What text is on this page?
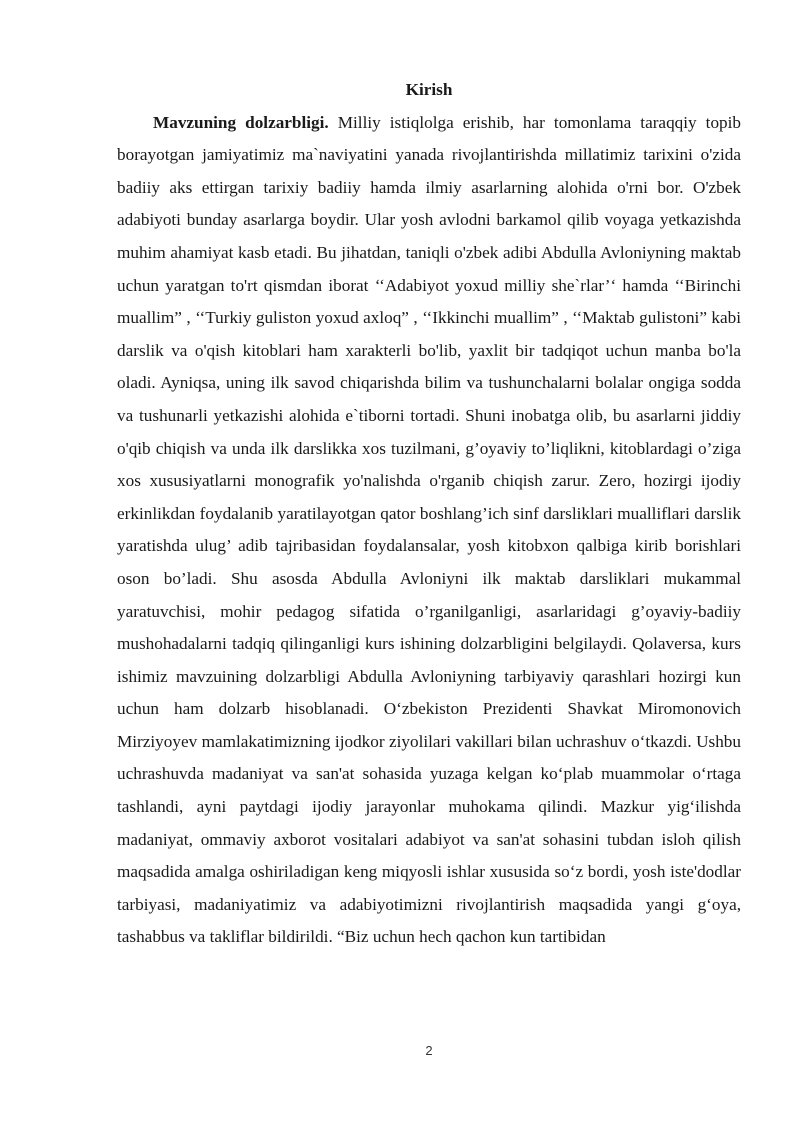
Kirish

Mavzuning dolzarbligi. Milliy istiqlolga erishib, har tomonlama taraqqiy topib borayotgan jamiyatimiz ma`naviyatini yanada rivojlantirishda millatimiz tarixini o'zida badiiy aks ettirgan tarixiy badiiy hamda ilmiy asarlarning alohida o'rni bor. O'zbek adabiyoti bunday asarlarga boydir. Ular yosh avlodni barkamol qilib voyaga yetkazishda muhim ahamiyat kasb etadi. Bu jihatdan, taniqli o'zbek adibi Abdulla Avloniyning maktab uchun yaratgan to'rt qismdan iborat ‘‘Adabiyot yoxud milliy she`rlar’‘ hamda ‘‘Birinchi muallim” , ‘‘Turkiy guliston yoxud axloq” , ‘‘Ikkinchi muallim” , ‘‘Maktab gulistoni” kabi darslik va o'qish kitoblari ham xarakterli bo'lib, yaxlit bir tadqiqot uchun manba bo'la oladi. Ayniqsa, uning ilk savod chiqarishda bilim va tushunchalarni bolalar ongiga sodda va tushunarli yetkazishi alohida e`tiborni tortadi. Shuni inobatga olib, bu asarlarni jiddiy o'qib chiqish va unda ilk darslikka xos tuzilmani, g’oyaviy to’liqlikni, kitoblardagi o’ziga xos xususiyatlarni monografik yo'nalishda o'rganib chiqish zarur. Zero, hozirgi ijodiy erkinlikdan foydalanib yaratilayotgan qator boshlang’ich sinf darsliklari mualliflari darslik yaratishda ulug’ adib tajribasidan foydalansalar, yosh kitobxon qalbiga kirib borishlari oson bo’ladi. Shu asosda Abdulla Avloniyni ilk maktab darsliklari mukammal yaratuvchisi, mohir pedagog sifatida o’rganilganligi, asarlaridagi g’oyaviy-badiiy mushohadalarni tadqiq qilinganligi kurs ishining dolzarbligini belgilaydi. Qolaversa, kurs ishimiz mavzuining dolzarbligi Abdulla Avloniyning tarbiyaviy qarashlari hozirgi kun uchun ham dolzarb hisoblanadi. O‘zbekiston Prezidenti Shavkat Miromonovich Mirziyoyev mamlakatimizning ijodkor ziyolilari vakillari bilan uchrashuv o‘tkazdi. Ushbu uchrashuvda madaniyat va san'at sohasida yuzaga kelgan ko‘plab muammolar o‘rtaga tashlandi, ayni paytdagi ijodiy jarayonlar muhokama qilindi. Mazkur yig‘ilishda madaniyat, ommaviy axborot vositalari adabiyot va san'at sohasini tubdan isloh qilish maqsadida amalga oshiriladigan keng miqyosli ishlar xususida so‘z bordi, yosh iste'dodlar tarbiyasi, madaniyatimiz va adabiyotimizni rivojlantirish maqsadida yangi g‘oya, tashabbus va takliflar bildirildi. “Biz uchun hech qachon kun tartibidan

2
